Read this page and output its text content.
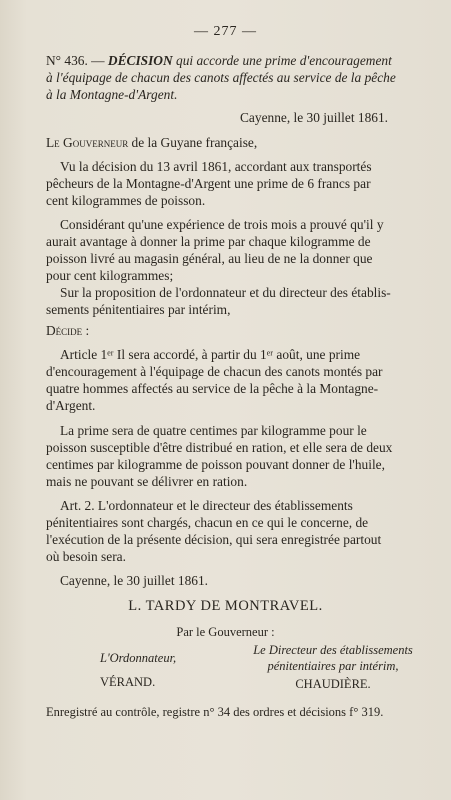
— 277 —
N° 436. — DÉCISION qui accorde une prime d'encouragement
à l'équipage de chacun des canots affectés au service de la pêche
à la Montagne-d'Argent.
Cayenne, le 30 juillet 1861.
Le Gouverneur de la Guyane française,
Vu la décision du 13 avril 1861, accordant aux transportés
pêcheurs de la Montagne-d'Argent une prime de 6 francs par
cent kilogrammes de poisson.
Considérant qu'une expérience de trois mois a prouvé qu'il y
aurait avantage à donner la prime par chaque kilogramme de
poisson livré au magasin général, au lieu de ne la donner que
pour cent kilogrammes;
Sur la proposition de l'ordonnateur et du directeur des établis-
sements pénitentiaires par intérim,
Décide :
Article 1ᵉʳ Il sera accordé, à partir du 1ᵉʳ août, une prime
d'encouragement à l'équipage de chacun des canots montés par
quatre hommes affectés au service de la pêche à la Montagne-
d'Argent.
La prime sera de quatre centimes par kilogramme pour le
poisson susceptible d'être distribué en ration, et elle sera de deux
centimes par kilogramme de poisson pouvant donner de l'huile,
mais ne pouvant se délivrer en ration.
Art. 2. L'ordonnateur et le directeur des établissements
pénitentiaires sont chargés, chacun en ce qui le concerne, de
l'exécution de la présente décision, qui sera enregistrée partout
où besoin sera.
Cayenne, le 30 juillet 1861.
L. TARDY DE MONTRAVEL.
Par le Gouverneur :
L'Ordonnateur,
VÉRAND.
Le Directeur des établissements
pénitentiaires par intérim,
CHAUDIÈRE.
Enregistré au contrôle, registre n° 34 des ordres et décisions f° 319.
